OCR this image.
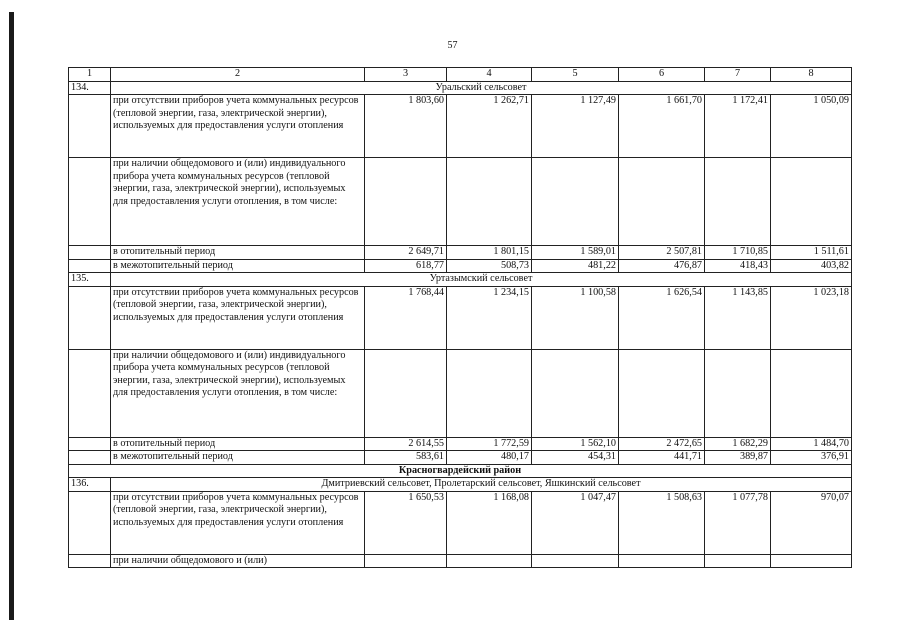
57
1	2	3	4	5	6	7	8
134.	Уральский сельсовет						
	при отсутствии приборов учета коммунальных ресурсов (тепловой энергии, газа, электрической энергии), используемых для предоставления услуги отопления	1 803,60	1 262,71	1 127,49	1 661,70	1 172,41	1 050,09
	при наличии общедомового и (или) индивидуального прибора учета коммунальных ресурсов (тепловой энергии, газа, электрической энергии), используемых для предоставления услуги отопления, в том числе:						
	в отопительный период	2 649,71	1 801,15	1 589,01	2 507,81	1 710,85	1 511,61
	в межотопительный период	618,77	508,73	481,22	476,87	418,43	403,82
135.	Уртазымский сельсовет						
	при отсутствии приборов учета коммунальных ресурсов (тепловой энергии, газа, электрической энергии), используемых для предоставления услуги отопления	1 768,44	1 234,15	1 100,58	1 626,54	1 143,85	1 023,18
	при наличии общедомового и (или) индивидуального прибора учета коммунальных ресурсов (тепловой энергии, газа, электрической энергии), используемых для предоставления услуги отопления, в том числе:						
	в отопительный период	2 614,55	1 772,59	1 562,10	2 472,65	1 682,29	1 484,70
	в межотопительный период	583,61	480,17	454,31	441,71	389,87	376,91
Красногвардейский район							
136.	Дмитриевский сельсовет, Пролетарский сельсовет, Яшкинский сельсовет						
	при отсутствии приборов учета коммунальных ресурсов (тепловой энергии, газа, электрической энергии), используемых для предоставления услуги отопления	1 650,53	1 168,08	1 047,47	1 508,63	1 077,78	970,07
	при наличии общедомового и (или)						
